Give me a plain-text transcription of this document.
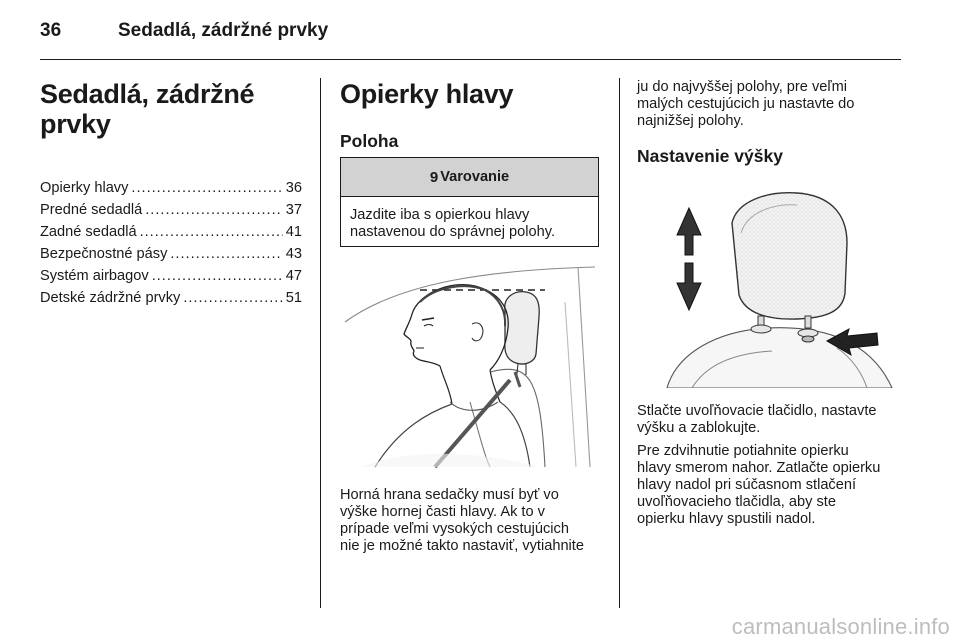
36	Sedadlá, zádržné prvky
Sedadlá, zádržné
prvky
Opierky hlavy .....	36
Predné sedadlá .....	37
Zadné sedadlá .....	41
Bezpečnostné pásy .....	43
Systém airbagov .....	47
Detské zádržné prvky .....	51
Opierky hlavy
Poloha
9 Varovanie
Jazdite iba s opierkou hlavy
nastavenou do správnej polohy.
Horná hrana sedačky musí byť vo
výške hornej časti hlavy. Ak to v
prípade veľmi vysokých cestujúcich
nie je možné takto nastaviť, vytiahnite
ju do najvyššej polohy, pre veľmi
malých cestujúcich ju nastavte do
najnižšej polohy.
Nastavenie výšky
Stlačte uvoľňovacie tlačidlo, nastavte
výšku a zablokujte.
Pre zdvihnutie potiahnite opierku
hlavy smerom nahor. Zatlačte opierku
hlavy nadol pri súčasnom stlačení
uvoľňovacieho tlačidla, aby ste
opierku hlavy spustili nadol.
carmanualsonline.info
